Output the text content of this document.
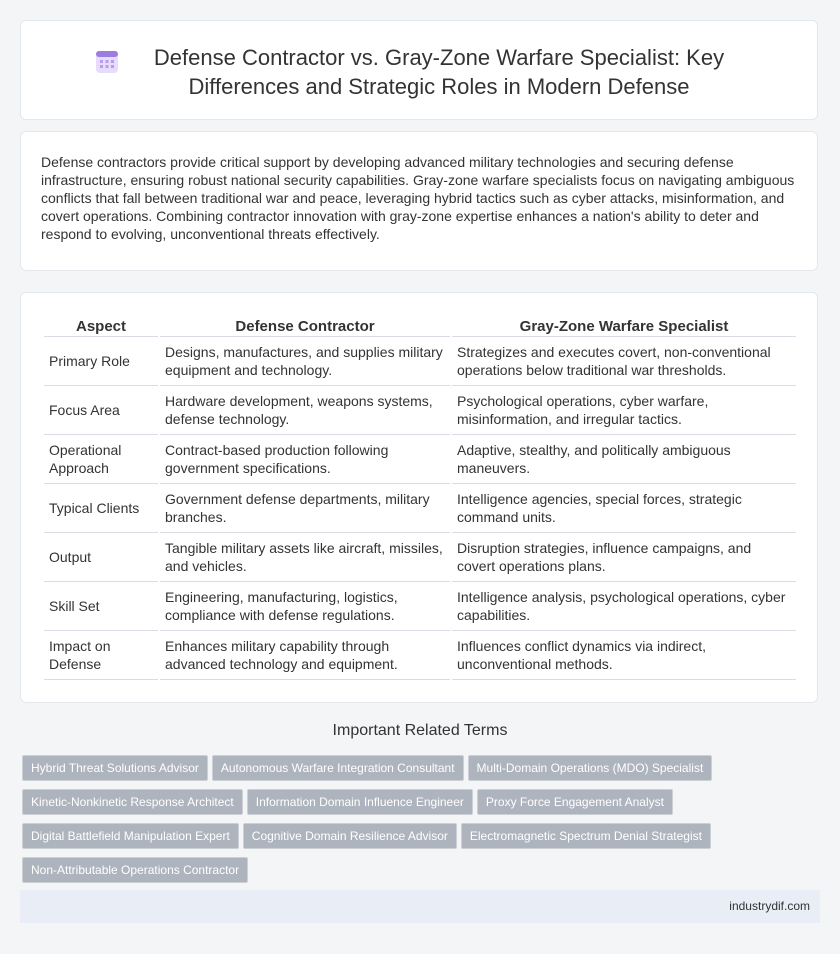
Defense Contractor vs. Gray-Zone Warfare Specialist: Key Differences and Strategic Roles in Modern Defense
Defense contractors provide critical support by developing advanced military technologies and securing defense infrastructure, ensuring robust national security capabilities. Gray-zone warfare specialists focus on navigating ambiguous conflicts that fall between traditional war and peace, leveraging hybrid tactics such as cyber attacks, misinformation, and covert operations. Combining contractor innovation with gray-zone expertise enhances a nation's ability to deter and respond to evolving, unconventional threats effectively.
Aspect	Defense Contractor	Gray-Zone Warfare Specialist
Primary Role	Designs, manufactures, and supplies military equipment and technology.	Strategizes and executes covert, non-conventional operations below traditional war thresholds.
Focus Area	Hardware development, weapons systems, defense technology.	Psychological operations, cyber warfare, misinformation, and irregular tactics.
Operational Approach	Contract-based production following government specifications.	Adaptive, stealthy, and politically ambiguous maneuvers.
Typical Clients	Government defense departments, military branches.	Intelligence agencies, special forces, strategic command units.
Output	Tangible military assets like aircraft, missiles, and vehicles.	Disruption strategies, influence campaigns, and covert operations plans.
Skill Set	Engineering, manufacturing, logistics, compliance with defense regulations.	Intelligence analysis, psychological operations, cyber capabilities.
Impact on Defense	Enhances military capability through advanced technology and equipment.	Influences conflict dynamics via indirect, unconventional methods.
Important Related Terms
Hybrid Threat Solutions Advisor Autonomous Warfare Integration Consultant Multi-Domain Operations (MDO) Specialist
Kinetic-Nonkinetic Response Architect Information Domain Influence Engineer Proxy Force Engagement Analyst
Digital Battlefield Manipulation Expert Cognitive Domain Resilience Advisor Electromagnetic Spectrum Denial Strategist
Non-Attributable Operations Contractor
industrydif.com
